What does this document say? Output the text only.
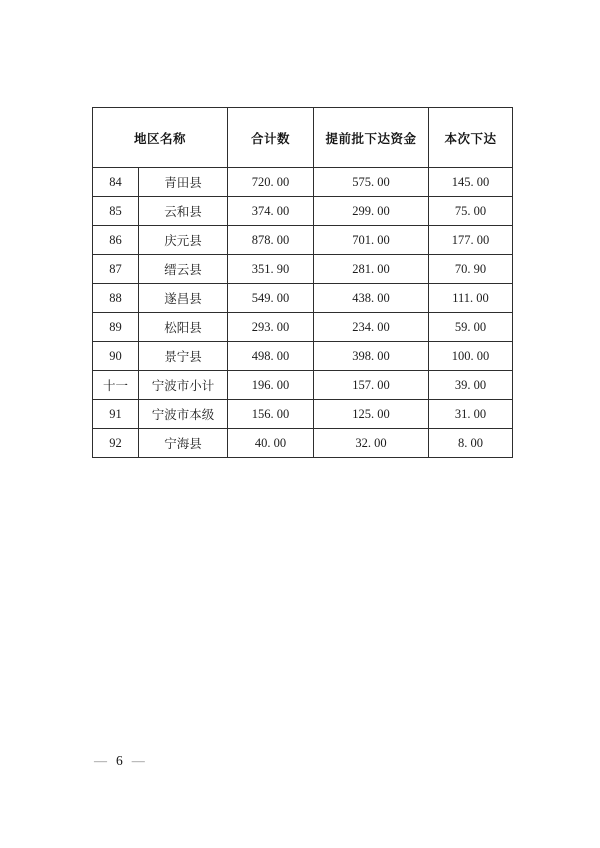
地区名称		合计数	提前批下达资金	本次下达
84	青田县	720. 00	575. 00	145. 00
85	云和县	374. 00	299. 00	75. 00
86	庆元县	878. 00	701. 00	177. 00
87	缙云县	351. 90	281. 00	70. 90
88	遂昌县	549. 00	438. 00	111. 00
89	松阳县	293. 00	234. 00	59. 00
90	景宁县	498. 00	398. 00	100. 00
十一	宁波市小计	196. 00	157. 00	39. 00
91	宁波市本级	156. 00	125. 00	31. 00
92	宁海县	40. 00	32. 00	8. 00
— 6 —
